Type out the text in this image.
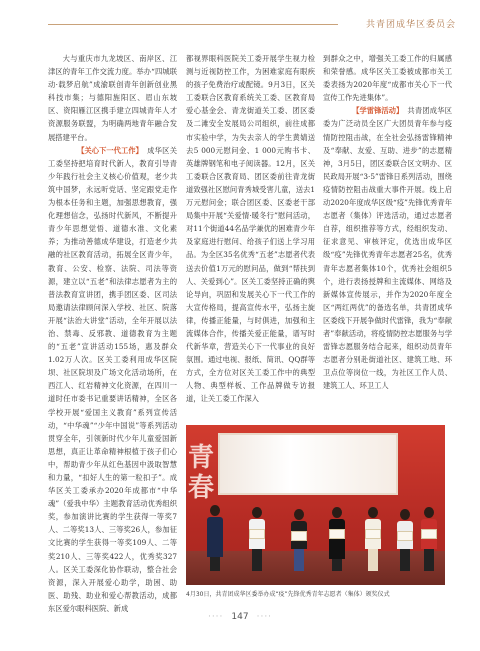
共青团成华区委员会

大与重庆市九龙坡区、南岸区、江津区的青年工作交流力度。举办“四城联动·载梦启航”成渝联创青年创新创业黑科技市集；与德阳旌阳区、眉山东坡区、资阳雁江区携手建立四城青年人才资源服务联盟，为明确两地青年融合发展搭建平台。

【关心下一代工作】 成华区关工委坚持把培育时代新人，教育引导青少年践行社会主义核心价值观，老少共筑中国梦，永远听党话、坚定跟党走作为根本任务和主题，加强思想教育，强化理想信念，弘扬时代新风，不断提升青少年思想觉悟、道德水准、文化素养；为推动善德成华建设，打造老少共融的社区教育活动，拓展全区青少年，教育、公安、检察、法院、司法等资源，建立以“五老”和法律志愿者为主的普法教育宣讲团，携手团区委、区司法局邀请法律顾问深入学校、社区、院落开展“法治大讲堂”活动，全年开展以法治、禁毒、反邪教、道德教育为主题的“五老”宣讲活动155场，惠及群众1.02万人次。区关工委利用成华区院坝、社区院坝及广场文化活动场所，在西江人、红岩精神文化资源，在四川一道时任市委书记重要讲话精神，全区各学校开展“爱国主义教育”系列宣传活动，“中华魂”“少年中国说”等系列活动贯穿全年，引领新时代少年儿童爱国新思想，真正让革命精神根植于孩子们心中，帮助青少年从红色基因中汲取智慧和力量，“扣好人生的第一粒扣子”。成华区关工委承办2020年成都市“中华魂”（爱我中华）主题教育活动优秀组织奖，参加演讲比赛的学生获得一等奖7人、二等奖13人、三等奖26人，参加征文比赛的学生获得一等奖109人、二等奖210人、三等奖422人，优秀奖327人。区关工委深化协作联动，整合社会资源，深入开展爱心助学，助困、助医、助残、助业和爱心帮教活动，成都东区爱尔眼科医院、新成

都视界眼科医院关工委开展学生视力检测与近视防控工作，为困难家庭有眼疾的孩子免费治疗或配镜。9月3日，区关工委联合区教育系统关工委、区教育局爱心基金会、青龙街道关工委、团区委及二滩安全发展局公司组织，前往成都市实验中学，为失去亲人的学生黄婧送去5 000元慰问金、1 000元购书卡、英雄牌钢笔和电子阅读器。12月，区关工委联合区教育局、团区委前往青龙街道致强社区慰问青秀城受害儿童，送去1万元慰问金；联合团区委、区委老干部局集中开展“关爱情·暖冬行”慰问活动，对11个街道44名品学兼优的困难青少年及家庭进行慰问、给孩子们送上学习用品。为全区35名优秀“五老”志愿者代表送去价值1万元的慰问品，做到“帮扶到人、关爱到心”。区关工委坚持正确的舆论导向，巩固和发展关心下一代工作的大宣传格局，提高宣传水平，弘扬主旋律，传播正能量，与时俱进，加强和主流媒体合作，传播关爱正能量，谱写时代新华章，营造关心下一代事业的良好氛围。通过电视、报纸、简讯、QQ群等方式，全方位对区关工委工作中的典型人物、典型样板、工作品牌做专访报道，让关工委工作深入

到群众之中，增强关工委工作的归属感和荣誉感。成华区关工委被成都市关工委表扬为2020年度“成都市关心下一代宣传工作先进集体”。

【学雷锋活动】 共青团成华区委为广泛动员全区广大团员青年参与疫情防控阻击战，在全社会弘扬雷锋精神及“奉献、友爱、互助、进步”的志愿精神，3月5日，团区委联合区文明办、区民政局开展“3·5”雷锋日系列活动，围绕疫情防控阻击战重大事件开展。线上启动2020年度成华区级“疫”先锋优秀青年志愿者（集体）评选活动，通过志愿者自荐，组织推荐等方式，经组织发动、征求意见、审核评定，优选出成华区级“疫”先锋优秀青年志愿者25名，优秀青年志愿者集体10个，优秀社会组织5个，进行表扬授牌和主流媒体、网络及新媒体宣传展示，并作为2020年度全区“两红两优”的备选名单，共青团成华区委线下开展争做时代雷锋，我为“奉献者”奉献活动，将疫情防控志愿服务与学雷锋志愿服务结合起来，组织动员青年志愿者分别赴街道社区、建筑工地、环卫点位等岗位一线，为社区工作人员、建筑工人、环卫工人

青
春
4月30日，共青团成华区委举办成“疫”先锋优秀青年志愿者（集体）颁奖仪式
···· 147 ····
